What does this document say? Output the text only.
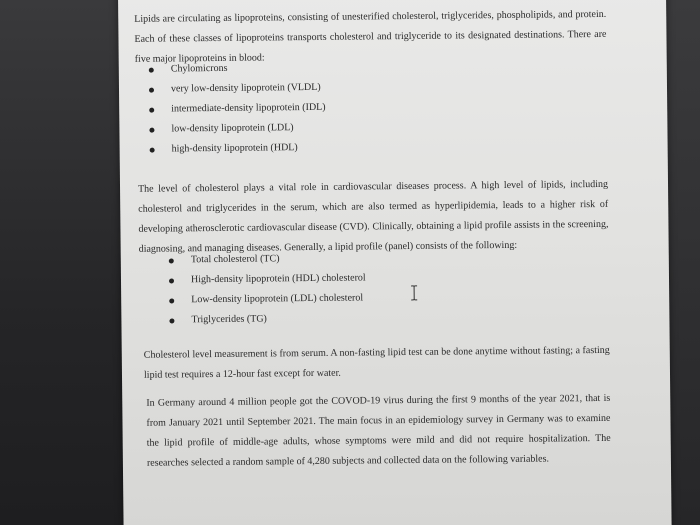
Lipids are circulating as lipoproteins, consisting of unesterified cholesterol, triglycerides, phospholipids, and protein. Each of these classes of lipoproteins transports cholesterol and triglyceride to its designated destinations. There are five major lipoproteins in blood:

Chylomicrons
very low-density lipoprotein (VLDL)
intermediate-density lipoprotein (IDL)
low-density lipoprotein (LDL)
high-density lipoprotein (HDL)

The level of cholesterol plays a vital role in cardiovascular diseases process. A high level of lipids, including cholesterol and triglycerides in the serum, which are also termed as hyperlipidemia, leads to a higher risk of developing atherosclerotic cardiovascular disease (CVD). Clinically, obtaining a lipid profile assists in the screening, diagnosing, and managing diseases. Generally, a lipid profile (panel) consists of the following:

Total cholesterol (TC)
High-density lipoprotein (HDL) cholesterol
Low-density lipoprotein (LDL) cholesterol
Triglycerides (TG)

Cholesterol level measurement is from serum. A non-fasting lipid test can be done anytime without fasting; a fasting lipid test requires a 12-hour fast except for water.

In Germany around 4 million people got the COVOD-19 virus during the first 9 months of the year 2021, that is from January 2021 until September 2021. The main focus in an epidemiology survey in Germany was to examine the lipid profile of middle-age adults, whose symptoms were mild and did not require hospitalization. The researches selected a random sample of 4,280 subjects and collected data on the following variables.
